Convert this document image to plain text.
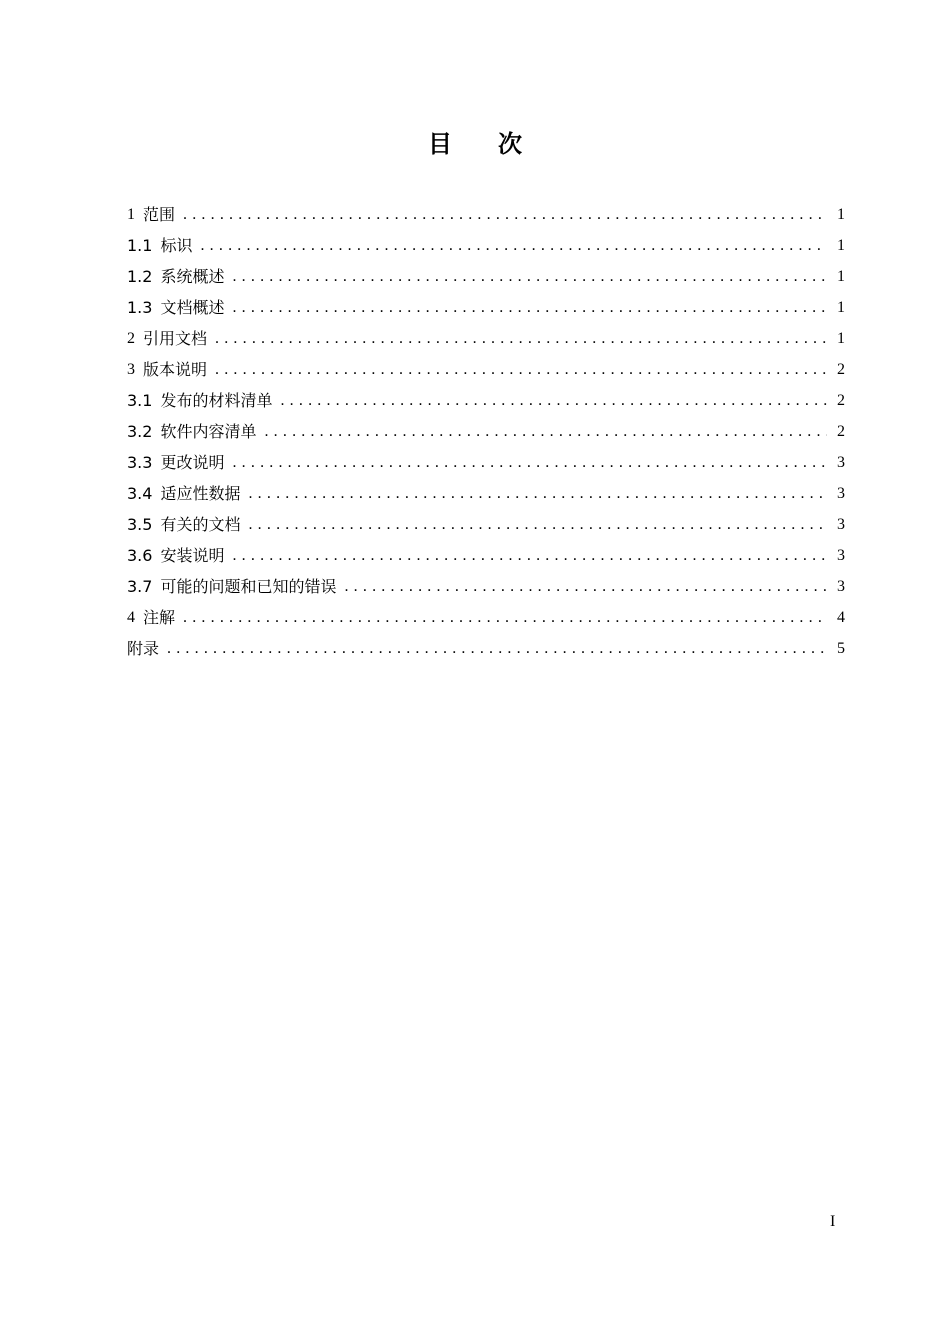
目次
1 范围 .....	1
1.1 标识 .....	1
1.2 系统概述 .....	1
1.3 文档概述 .....	1
2 引用文档 .....	1
3 版本说明 .....	2
3.1 发布的材料清单 .....	2
3.2 软件内容清单 .....	2
3.3 更改说明 .....	3
3.4 适应性数据 .....	3
3.5 有关的文档 .....	3
3.6 安装说明 .....	3
3.7 可能的问题和已知的错误 .....	3
4 注解 .....	4
附录 .....	5
I
